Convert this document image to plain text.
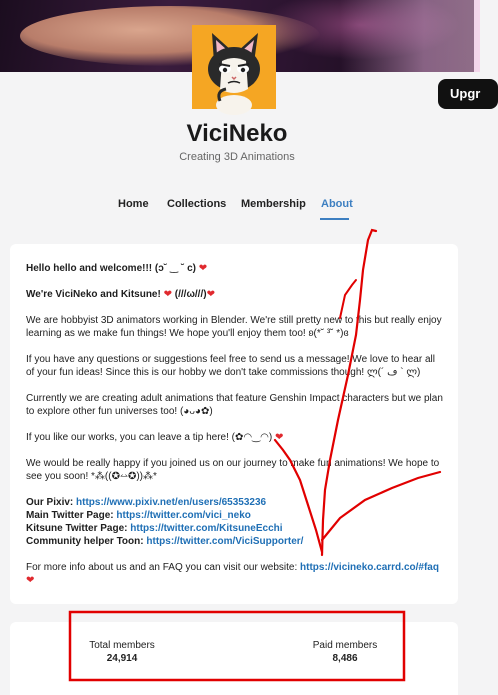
Upgr
ViciNeko
Creating 3D Animations
Home Collections Membership About

Hello hello and welcome!!! (ↄ˘ ‿ ˘ c) ❤

We're ViciNeko and Kitsune! ❤ (///ω///)❤

We are hobbyist 3D animators working in Blender. We're still pretty new to this but really enjoy learning as we make fun things! We hope you'll enjoy them too! ʚ(*˘ ³˘ *)ɞ

If you have any questions or suggestions feel free to send us a message! We love to hear all of your fun ideas! Since this is our hobby we don't take commissions though! ლ(´ ڡ ` ლ)

Currently we are creating adult animations that feature Genshin Impact characters but we plan to explore other fun universes too! (◕ᴗ◕✿)

If you like our works, you can leave a tip here! (✿◠‿◠) ❤

We would be really happy if you joined us on our journey to make fun animations! We hope to see you soon! *⁂((✪⥎✪))⁂*

Our Pixiv: https://www.pixiv.net/en/users/65353236
Main Twitter Page: https://twitter.com/vici_neko
Kitsune Twitter Page: https://twitter.com/KitsuneEcchi
Community helper Toon: https://twitter.com/ViciSupporter/

For more info about us and an FAQ you can visit our website: https://vicineko.carrd.co/#faq ❤

Total members
24,914
Paid members
8,486
